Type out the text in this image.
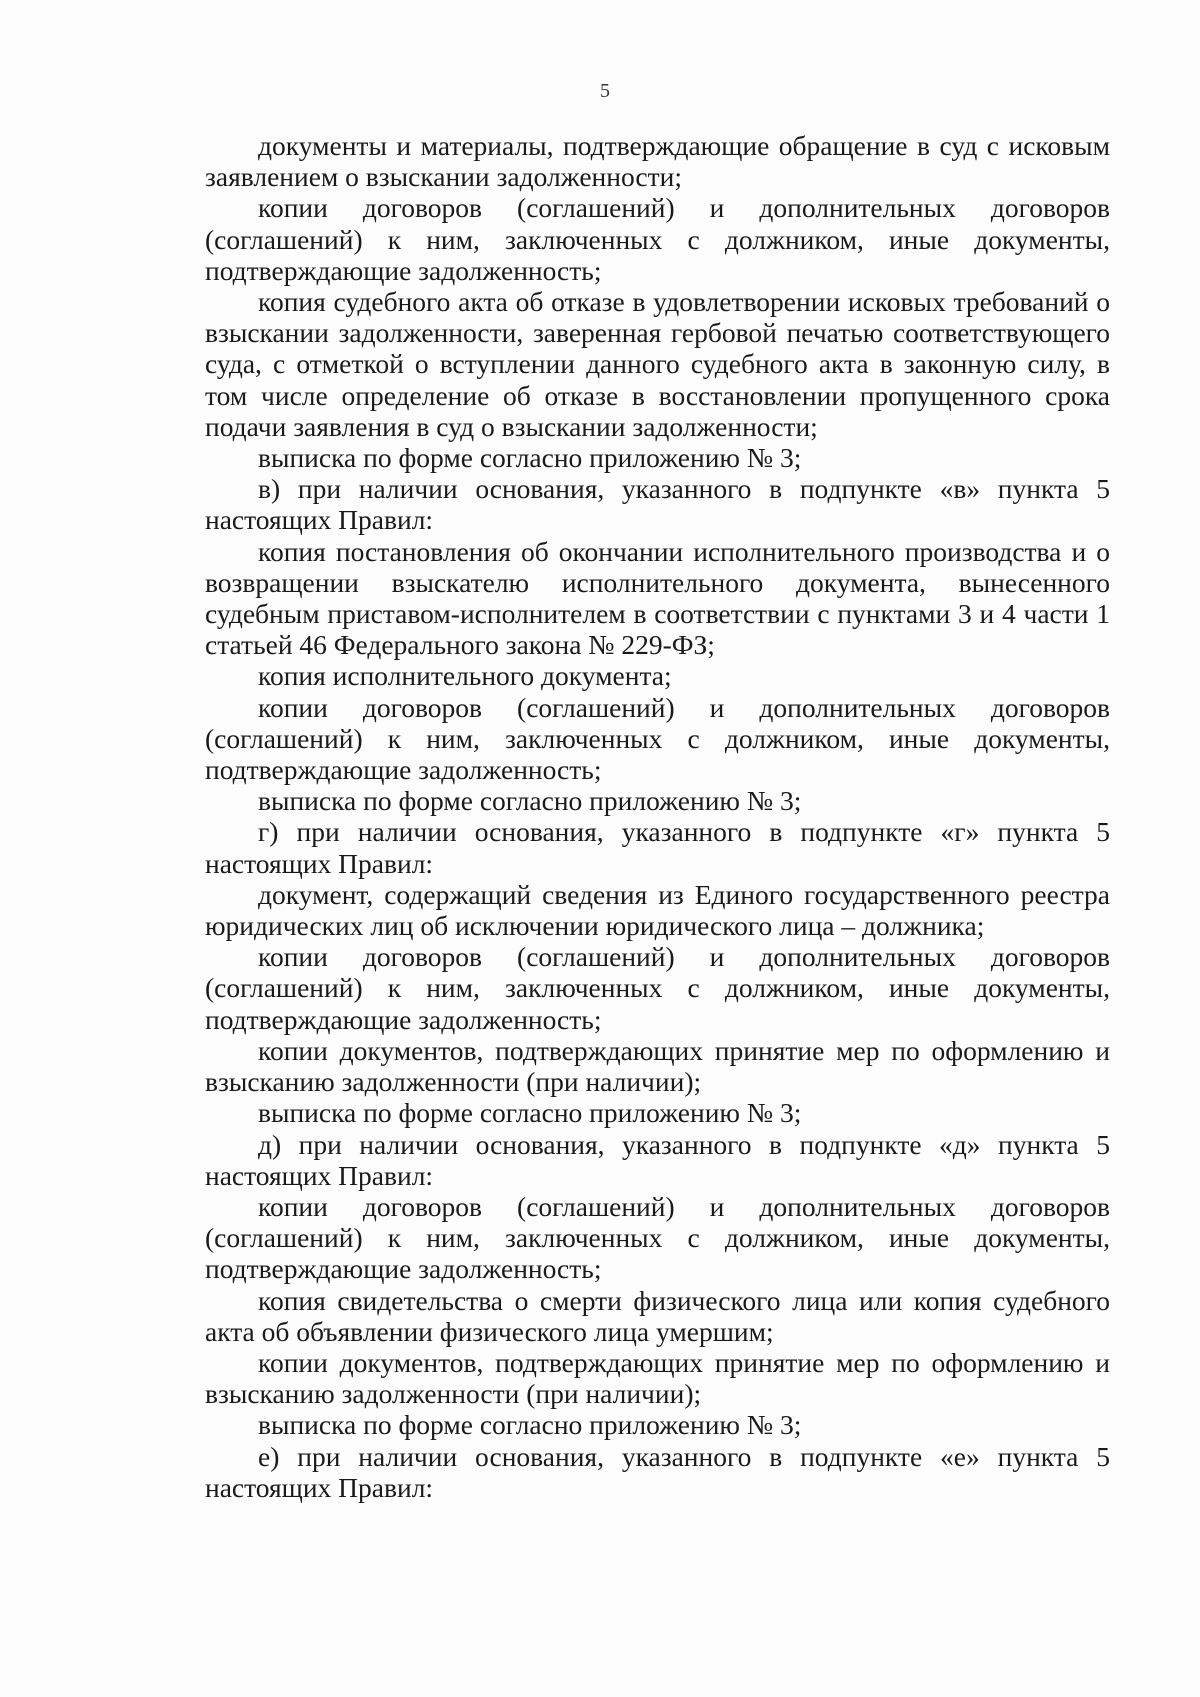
5

документы и материалы, подтверждающие обращение в суд с исковым заявлением о взыскании задолженности;

копии договоров (соглашений) и дополнительных договоров (соглашений) к ним, заключенных с должником, иные документы, подтверждающие задолженность;

копия судебного акта об отказе в удовлетворении исковых требований о взыскании задолженности, заверенная гербовой печатью соответствующего суда, с отметкой о вступлении данного судебного акта в законную силу, в том числе определение об отказе в восстановлении пропущенного срока подачи заявления в суд о взыскании задолженности;

выписка по форме согласно приложению № 3;

в) при наличии основания, указанного в подпункте «в» пункта 5 настоящих Правил:

копия постановления об окончании исполнительного производства и о возвращении взыскателю исполнительного документа, вынесенного судебным приставом-исполнителем в соответствии с пунктами 3 и 4 части 1 статьей 46 Федерального закона № 229-ФЗ;

копия исполнительного документа;

копии договоров (соглашений) и дополнительных договоров (соглашений) к ним, заключенных с должником, иные документы, подтверждающие задолженность;

выписка по форме согласно приложению № 3;

г) при наличии основания, указанного в подпункте «г» пункта 5 настоящих Правил:

документ, содержащий сведения из Единого государственного реестра юридических лиц об исключении юридического лица – должника;

копии договоров (соглашений) и дополнительных договоров (соглашений) к ним, заключенных с должником, иные документы, подтверждающие задолженность;

копии документов, подтверждающих принятие мер по оформлению и взысканию задолженности (при наличии);

выписка по форме согласно приложению № 3;

д) при наличии основания, указанного в подпункте «д» пункта 5 настоящих Правил:

копии договоров (соглашений) и дополнительных договоров (соглашений) к ним, заключенных с должником, иные документы, подтверждающие задолженность;

копия свидетельства о смерти физического лица или копия судебного акта об объявлении физического лица умершим;

копии документов, подтверждающих принятие мер по оформлению и взысканию задолженности (при наличии);

выписка по форме согласно приложению № 3;

е) при наличии основания, указанного в подпункте «е» пункта 5 настоящих Правил:
